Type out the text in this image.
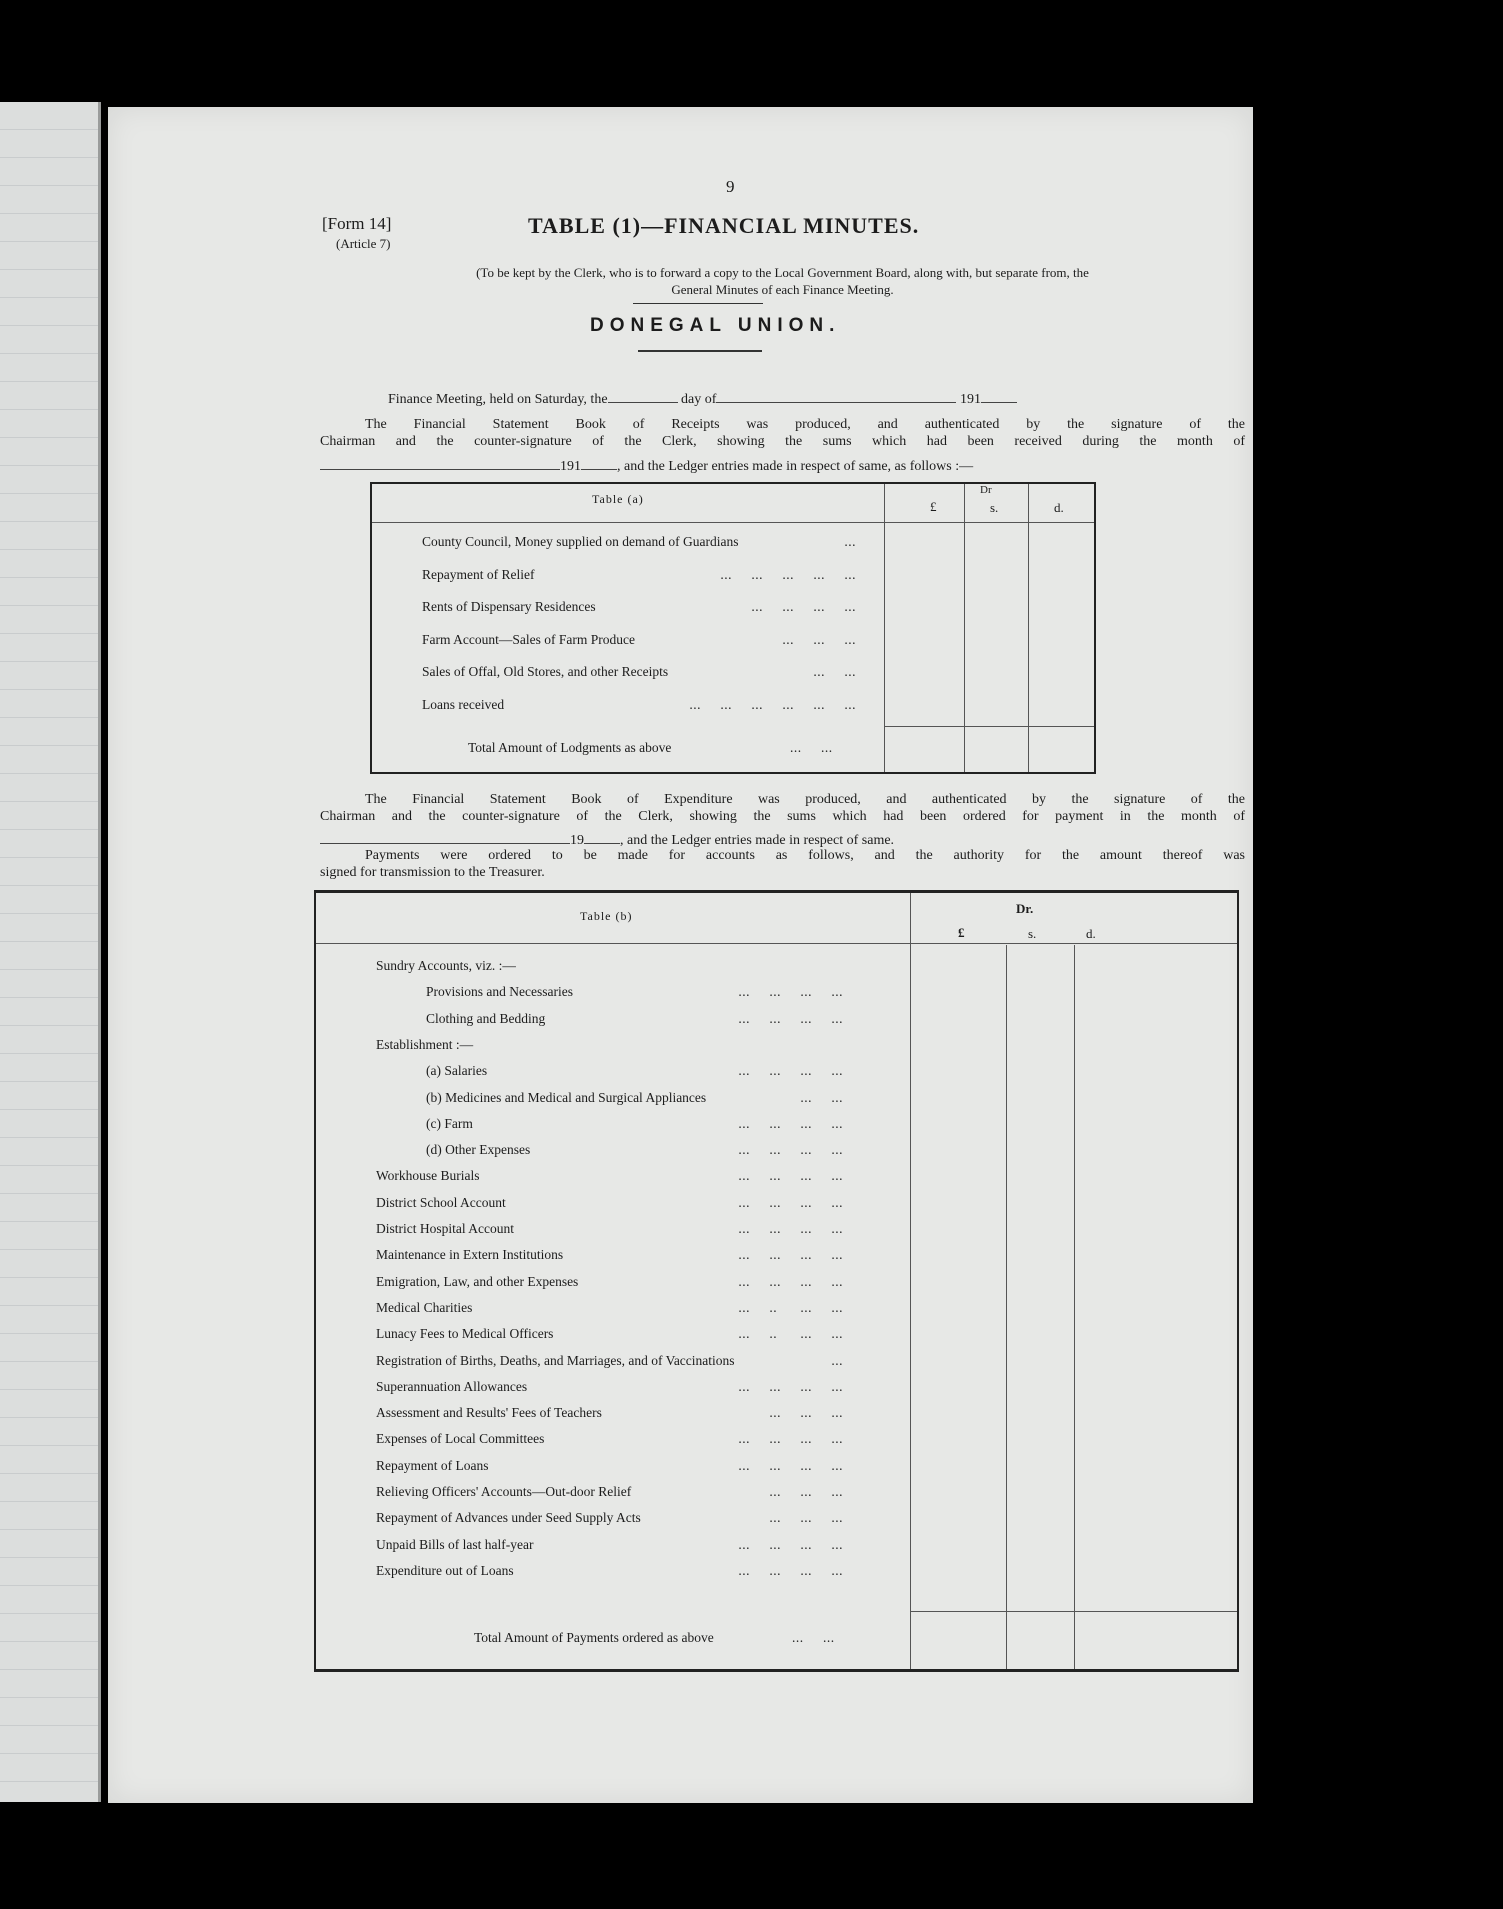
9
[Form 14]
(Article 7)
TABLE (1)—FINANCIAL MINUTES.
(To be kept by the Clerk, who is to forward a copy to the Local Government Board, along with, but separate from, the
General Minutes of each Finance Meeting.
DONEGAL UNION.
Finance Meeting, held on Saturday, the	day of	191
The Financial Statement Book of Receipts was produced, and authenticated by the signature of the
Chairman and the counter-signature of the Clerk, showing the sums which had been received during the month of
191	, and the Ledger entries made in respect of same, as follows :—
Table (a)
Dr
£	s.	d.
County Council, Money supplied on demand of Guardians	...
Repayment of Relief	...     ...     ...     ...     ...
Rents of Dispensary Residences	...     ...     ...     ...
Farm Account—Sales of Farm Produce	...     ...     ...
Sales of Offal, Old Stores, and other Receipts	...     ...
Loans received	...     ...     ...     ...     ...     ...
Total Amount of Lodgments as above	...     ...
The Financial Statement Book of Expenditure was produced, and authenticated by the signature of the
Chairman and the counter-signature of the Clerk, showing the sums which had been ordered for payment in the month of
19	, and the Ledger entries made in respect of same.
Payments were ordered to be made for accounts as follows, and the authority for the amount thereof was
signed for transmission to the Treasurer.
Table (b)	Dr.
£	s.	d.
Sundry Accounts, viz. :—
Provisions and Necessaries	...     ...     ...     ...
Clothing and Bedding	...     ...     ...     ...
Establishment :—
(a) Salaries	...     ...     ...     ...
(b) Medicines and Medical and Surgical Appliances	...     ...
(c) Farm	...     ...     ...     ...
(d) Other Expenses	...     ...     ...     ...
Workhouse Burials	...     ...     ...     ...
District School Account	...     ...     ...     ...
District Hospital Account	...     ...     ...     ...
Maintenance in Extern Institutions	...     ...     ...     ...
Emigration, Law, and other Expenses	...     ...     ...     ...
Medical Charities	...     ..      ...     ...
Lunacy Fees to Medical Officers	...     ..      ...     ...
Registration of Births, Deaths, and Marriages, and of Vaccinations	...
Superannuation Allowances	...     ...     ...     ...
Assessment and Results' Fees of Teachers	...     ...     ...
Expenses of Local Committees	...     ...     ...     ...
Repayment of Loans	...     ...     ...     ...
Relieving Officers' Accounts—Out-door Relief	...     ...     ...
Repayment of Advances under Seed Supply Acts	...     ...     ...
Unpaid Bills of last half-year	...     ...     ...     ...
Expenditure out of Loans	...     ...     ...     ...
Total Amount of Payments ordered as above	...     ...
